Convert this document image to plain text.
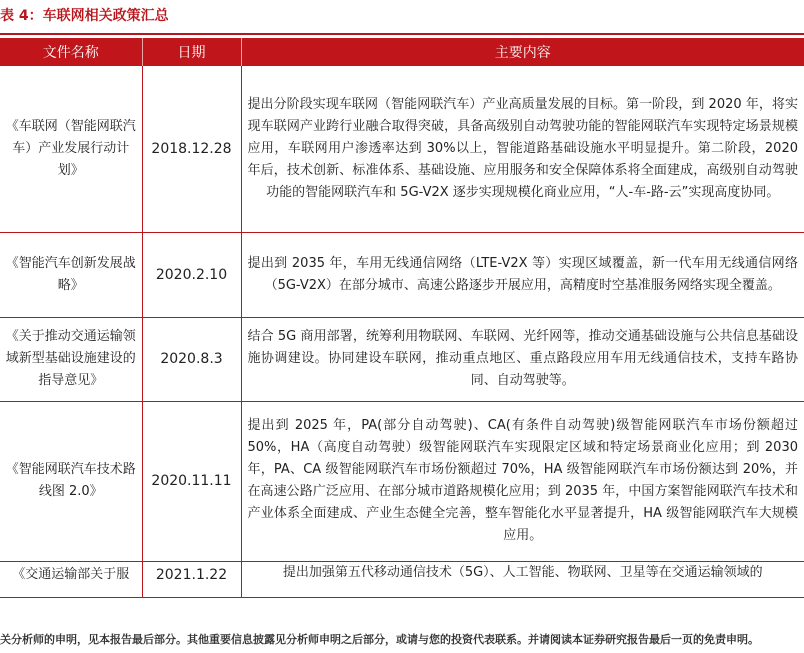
表 4：车联网相关政策汇总
文件名称	日期	主要内容
《车联网（智能网联汽车）产业发展行动计划》	2018.12.28	提出分阶段实现车联网（智能网联汽车）产业高质量发展的目标。第一阶段，到 2020 年，将实现车联网产业跨行业融合取得突破，具备高级别自动驾驶功能的智能网联汽车实现特定场景规模应用，车联网用户渗透率达到 30%以上，智能道路基础设施水平明显提升。第二阶段，2020 年后，技术创新、标准体系、基础设施、应用服务和安全保障体系将全面建成，高级别自动驾驶功能的智能网联汽车和 5G-V2X 逐步实现规模化商业应用，“人-车-路-云”实现高度协同。
《智能汽车创新发展战略》	2020.2.10	提出到 2035 年，车用无线通信网络（LTE-V2X 等）实现区域覆盖，新一代车用无线通信网络（5G-V2X）在部分城市、高速公路逐步开展应用，高精度时空基准服务网络实现全覆盖。
《关于推动交通运输领域新型基础设施建设的指导意见》	2020.8.3	结合 5G 商用部署，统筹利用物联网、车联网、光纤网等，推动交通基础设施与公共信息基础设施协调建设。协同建设车联网，推动重点地区、重点路段应用车用无线通信技术，支持车路协同、自动驾驶等。
《智能网联汽车技术路线图 2.0》	2020.11.11	提出到 2025 年，PA(部分自动驾驶)、CA(有条件自动驾驶)级智能网联汽车市场份额超过 50%，HA（高度自动驾驶）级智能网联汽车实现限定区域和特定场景商业化应用；到 2030 年，PA、CA 级智能网联汽车市场份额超过 70%，HA 级智能网联汽车市场份额达到 20%，并在高速公路广泛应用、在部分城市道路规模化应用；到 2035 年，中国方案智能网联汽车技术和产业体系全面建成、产业生态健全完善，整车智能化水平显著提升，HA 级智能网联汽车大规模应用。
《交通运输部关于服	2021.1.22	提出加强第五代移动通信技术（5G）、人工智能、物联网、卫星等在交通运输领域的
关分析师的申明，见本报告最后部分。其他重要信息披露见分析师申明之后部分，或请与您的投资代表联系。并请阅读本证券研究报告最后一页的免责申明。
